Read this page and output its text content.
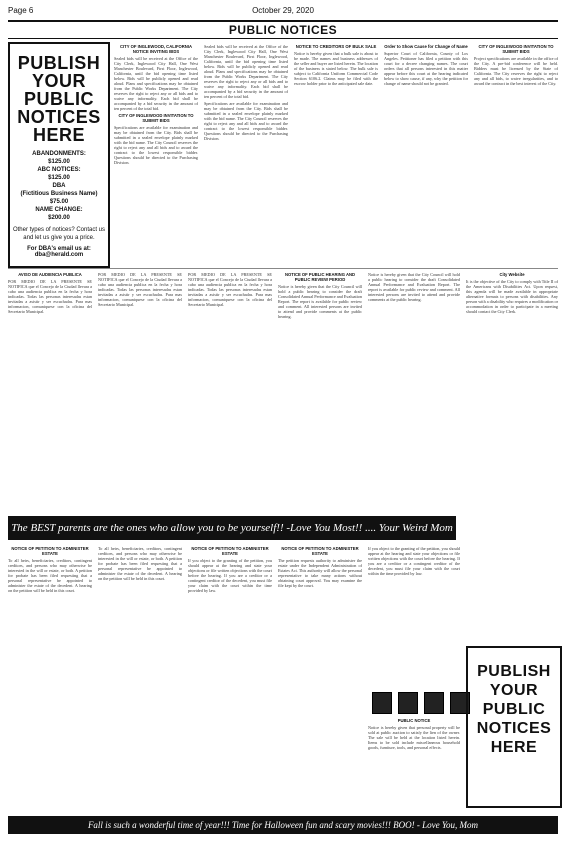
Page 6	October 29, 2020
PUBLIC NOTICES
PUBLISH YOUR PUBLIC NOTICES HERE
ABANDONMENTS:
$125.00
ABC NOTICES:
$125.00
DBA
(Fictitious Business Name)
$75.00
NAME CHANGE:
$200.00
Other types of notices? Contact us and let us give you a price.
For DBA's email us at: dba@herald.com

CITY OF INGLEWOOD, CALIFORNIA NOTICE INVITING BIDS

Sealed bids will be received at the Office of the City Clerk, Inglewood City Hall, One West Manchester Boulevard, First Floor, Inglewood, California, until the bid opening time listed below. Bids will be publicly opened and read aloud. Plans and specifications may be obtained from the Public Works Department. The City reserves the right to reject any or all bids and to waive any informality. Each bid shall be accompanied by a bid security in the amount of ten percent of the total bid.

CITY OF INGLEWOOD INVITATION TO SUBMIT BIDS

Specifications are available for examination and may be obtained from the City. Bids shall be submitted in a sealed envelope plainly marked with the bid name. The City Council reserves the right to reject any and all bids and to award the contract to the lowest responsible bidder. Questions should be directed to the Purchasing Division.

Sealed bids will be received at the Office of the City Clerk, Inglewood City Hall, One West Manchester Boulevard, First Floor, Inglewood, California, until the bid opening time listed below. Bids will be publicly opened and read aloud. Plans and specifications may be obtained from the Public Works Department. The City reserves the right to reject any or all bids and to waive any informality. Each bid shall be accompanied by a bid security in the amount of ten percent of the total bid.

Specifications are available for examination and may be obtained from the City. Bids shall be submitted in a sealed envelope plainly marked with the bid name. The City Council reserves the right to reject any and all bids and to award the contract to the lowest responsible bidder. Questions should be directed to the Purchasing Division.

NOTICE TO CREDITORS OF BULK SALE

Notice is hereby given that a bulk sale is about to be made. The names and business addresses of the seller and buyer are listed herein. The location of the business is stated below. The bulk sale is subject to California Uniform Commercial Code Section 6106.2. Claims may be filed with the escrow holder prior to the anticipated sale date.

Order to Show Cause for Change of Name

Superior Court of California, County of Los Angeles. Petitioner has filed a petition with this court for a decree changing names. The court orders that all persons interested in this matter appear before this court at the hearing indicated below to show cause, if any, why the petition for change of name should not be granted.

CITY OF INGLEWOOD INVITATION TO SUBMIT BIDS

Project specifications are available in the office of the City. A pre-bid conference will be held. Bidders must be licensed by the State of California. The City reserves the right to reject any and all bids, to waive irregularities, and to award the contract in the best interest of the City.

AVISO DE AUDIENCIA PUBLICA

POR MEDIO DE LA PRESENTE SE NOTIFICA que el Concejo de la Ciudad llevara a cabo una audiencia publica en la fecha y hora indicadas. Todas las personas interesadas estan invitadas a asistir y ser escuchadas. Para mas informacion, comuniquese con la oficina del Secretario Municipal.

POR MEDIO DE LA PRESENTE SE NOTIFICA que el Concejo de la Ciudad llevara a cabo una audiencia publica en la fecha y hora indicadas. Todas las personas interesadas estan invitadas a asistir y ser escuchadas. Para mas informacion, comuniquese con la oficina del Secretario Municipal.

POR MEDIO DE LA PRESENTE SE NOTIFICA que el Concejo de la Ciudad llevara a cabo una audiencia publica en la fecha y hora indicadas. Todas las personas interesadas estan invitadas a asistir y ser escuchadas. Para mas informacion, comuniquese con la oficina del Secretario Municipal.

NOTICE OF PUBLIC HEARING AND PUBLIC REVIEW PERIOD

Notice is hereby given that the City Council will hold a public hearing to consider the draft Consolidated Annual Performance and Evaluation Report. The report is available for public review and comment. All interested persons are invited to attend and provide comments at the public hearing.

Notice is hereby given that the City Council will hold a public hearing to consider the draft Consolidated Annual Performance and Evaluation Report. The report is available for public review and comment. All interested persons are invited to attend and provide comments at the public hearing.

City Website

It is the objective of the City to comply with Title II of the Americans with Disabilities Act. Upon request, this agenda will be made available in appropriate alternative formats to persons with disabilities. Any person with a disability who requires a modification or accommodation in order to participate in a meeting should contact the City Clerk.

The BEST parents are the ones who allow you to be yourself!! -Love You Most!! .... Your Weird Mom

NOTICE OF PETITION TO ADMINISTER ESTATE

To all heirs, beneficiaries, creditors, contingent creditors, and persons who may otherwise be interested in the will or estate, or both. A petition for probate has been filed requesting that a personal representative be appointed to administer the estate of the decedent. A hearing on the petition will be held in this court.

To all heirs, beneficiaries, creditors, contingent creditors, and persons who may otherwise be interested in the will or estate, or both. A petition for probate has been filed requesting that a personal representative be appointed to administer the estate of the decedent. A hearing on the petition will be held in this court.

NOTICE OF PETITION TO ADMINISTER ESTATE

If you object to the granting of the petition, you should appear at the hearing and state your objections or file written objections with the court before the hearing. If you are a creditor or a contingent creditor of the decedent, you must file your claim with the court within the time provided by law.

NOTICE OF PETITION TO ADMINISTER ESTATE

The petition requests authority to administer the estate under the Independent Administration of Estates Act. This authority will allow the personal representative to take many actions without obtaining court approval. You may examine the file kept by the court.

If you object to the granting of the petition, you should appear at the hearing and state your objections or file written objections with the court before the hearing. If you are a creditor or a contingent creditor of the decedent, you must file your claim with the court within the time provided by law.

PUBLIC NOTICE

Notice is hereby given that personal property will be sold at public auction to satisfy the lien of the owner. The sale will be held at the location listed herein. Items to be sold include miscellaneous household goods, furniture, tools, and personal effects.

PUBLISH YOUR PUBLIC NOTICES HERE
Fall is such a wonderful time of year!!! Time for Halloween fun and scary movies!!! BOO! - Love You, Mom
